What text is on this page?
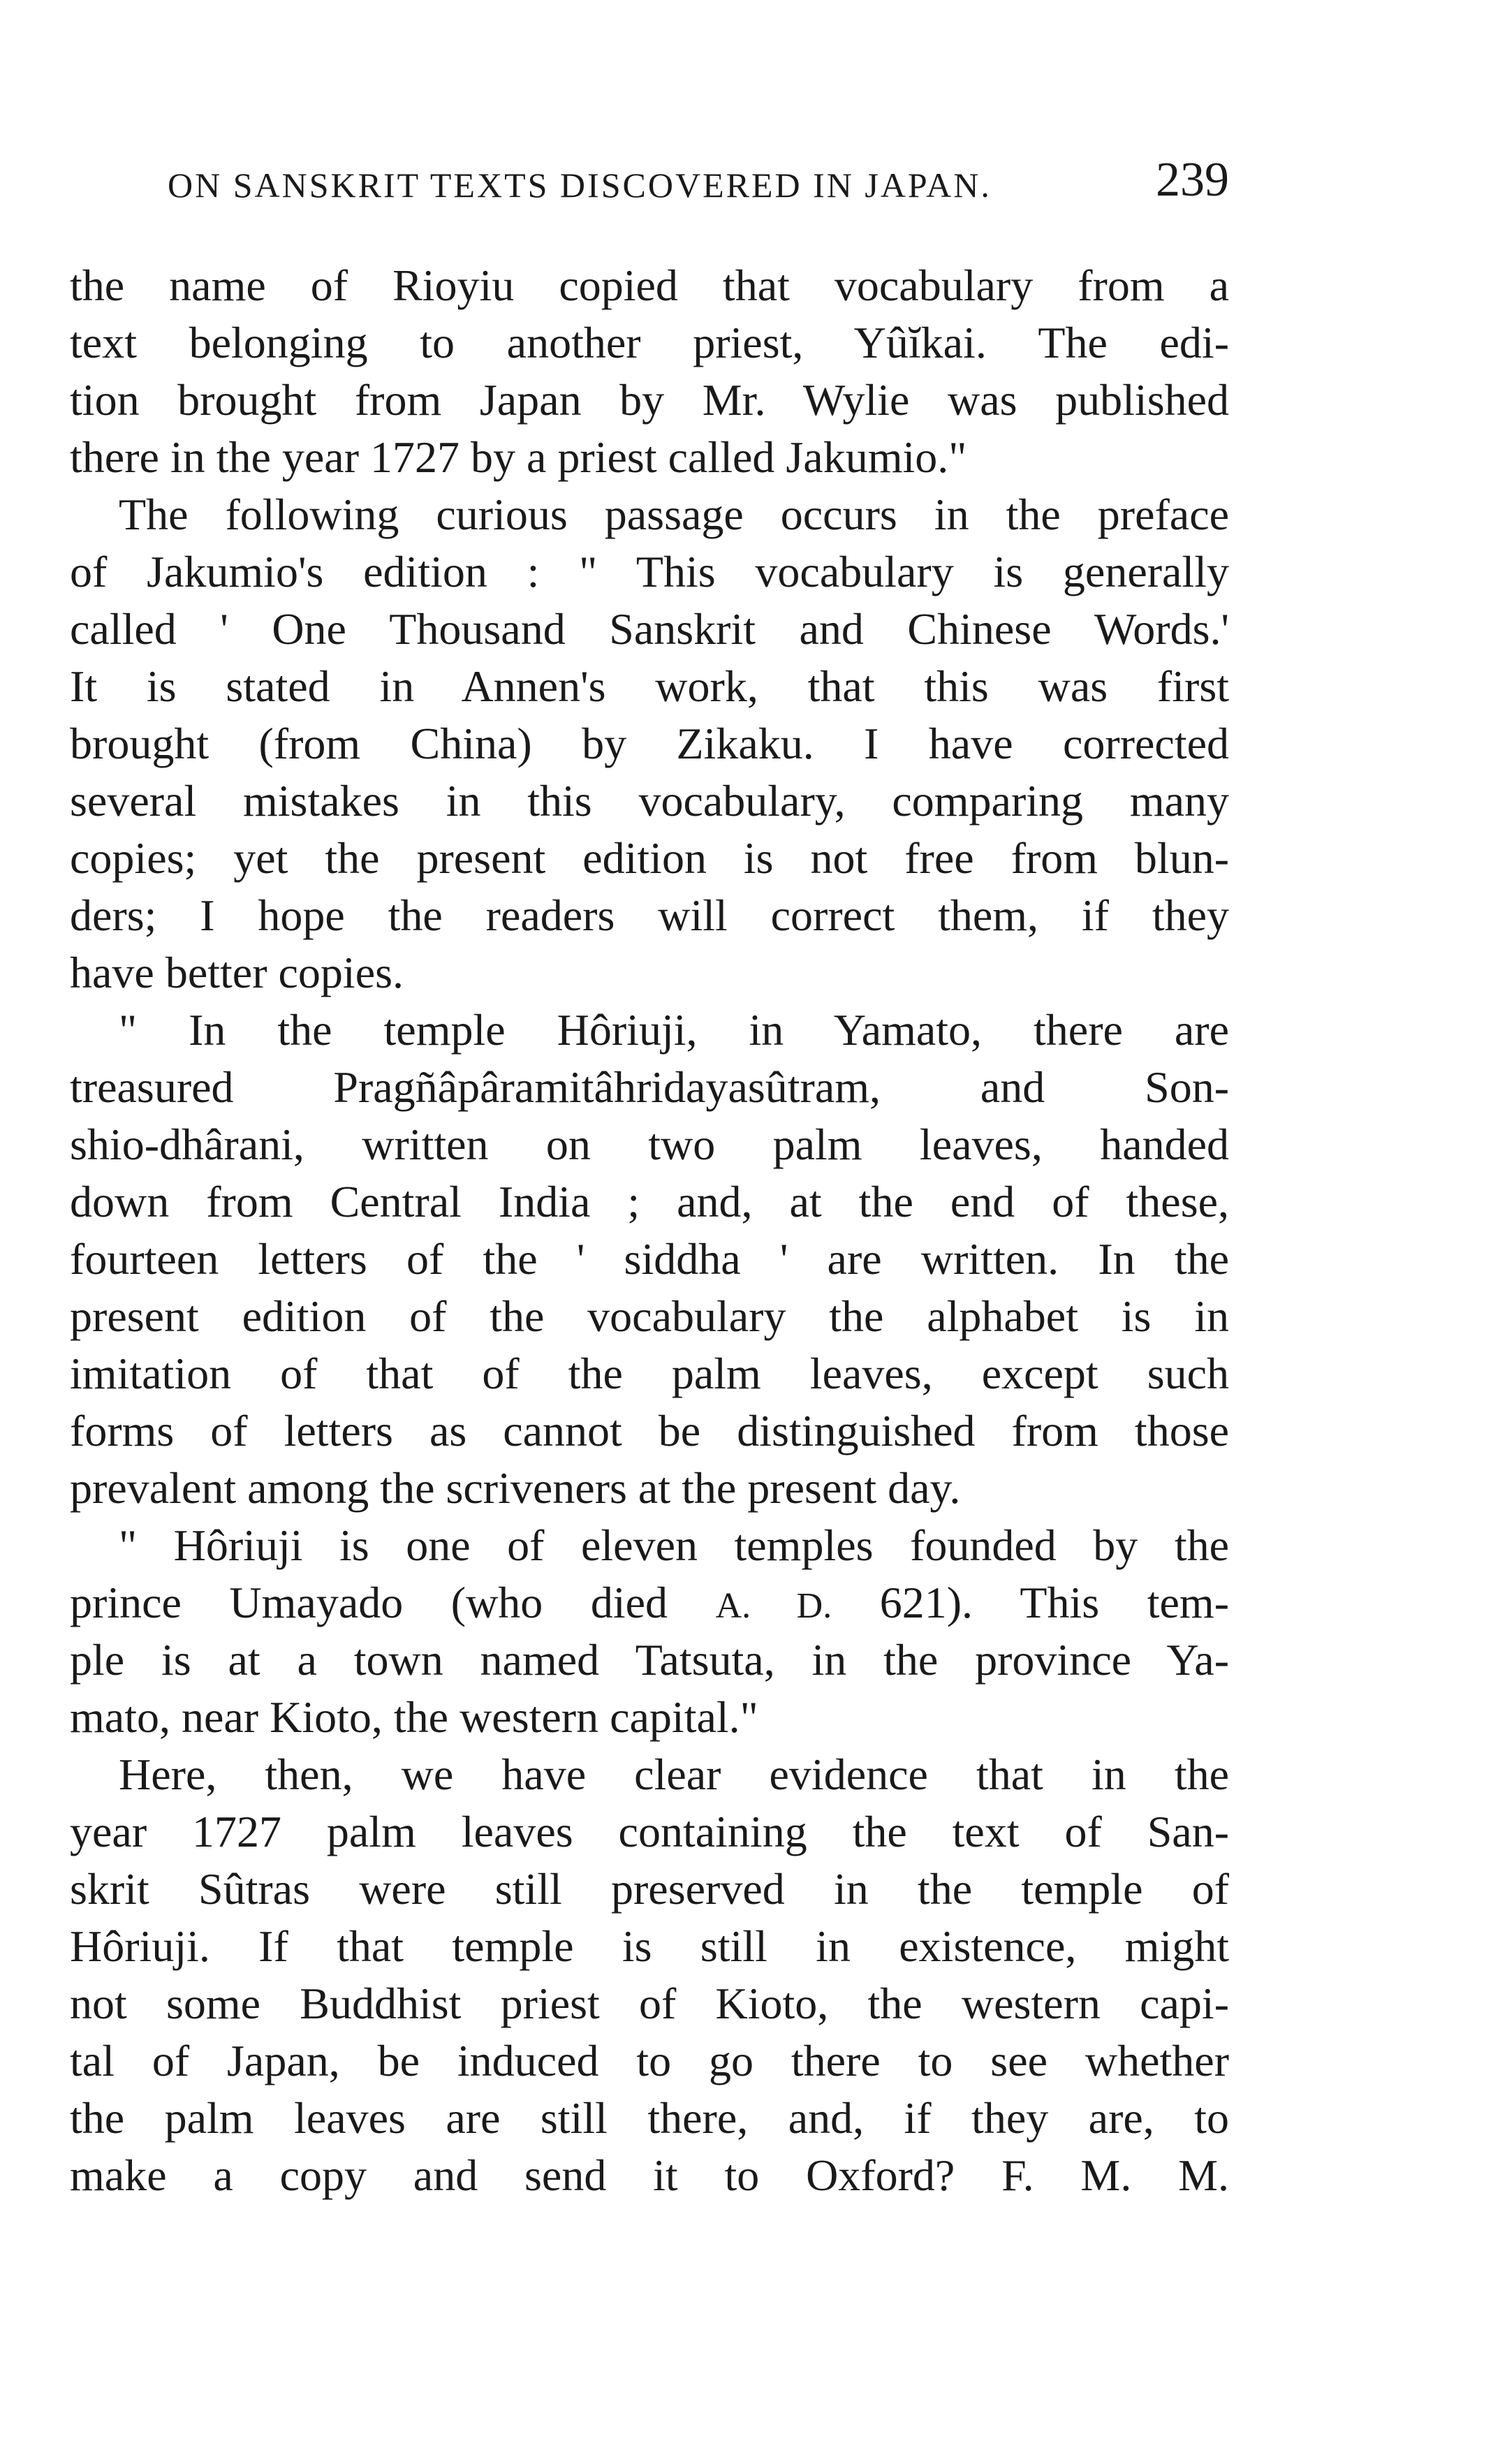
ON SANSKRIT TEXTS DISCOVERED IN JAPAN.	239
the name of Rioyiu copied that vocabulary from a
text belonging to another priest, Yûĭkai. The edi-
tion brought from Japan by Mr. Wylie was published
there in the year 1727 by a priest called Jakumio."
The following curious passage occurs in the preface
of Jakumio's edition : " This vocabulary is generally
called ' One Thousand Sanskrit and Chinese Words.'
It is stated in Annen's work, that this was first
brought (from China) by Zikaku. I have corrected
several mistakes in this vocabulary, comparing many
copies; yet the present edition is not free from blun-
ders; I hope the readers will correct them, if they
have better copies.
" In the temple Hôriuji, in Yamato, there are
treasured Pragñâpâramitâhridayasûtram, and Son-
shio-dhârani, written on two palm leaves, handed
down from Central India ; and, at the end of these,
fourteen letters of the ' siddha ' are written. In the
present edition of the vocabulary the alphabet is in
imitation of that of the palm leaves, except such
forms of letters as cannot be distinguished from those
prevalent among the scriveners at the present day.
" Hôriuji is one of eleven temples founded by the
prince Umayado (who died A. D. 621). This tem-
ple is at a town named Tatsuta, in the province Ya-
mato, near Kioto, the western capital."
Here, then, we have clear evidence that in the
year 1727 palm leaves containing the text of San-
skrit Sûtras were still preserved in the temple of
Hôriuji. If that temple is still in existence, might
not some Buddhist priest of Kioto, the western capi-
tal of Japan, be induced to go there to see whether
the palm leaves are still there, and, if they are, to
make a copy and send it to Oxford? F. M. M.
